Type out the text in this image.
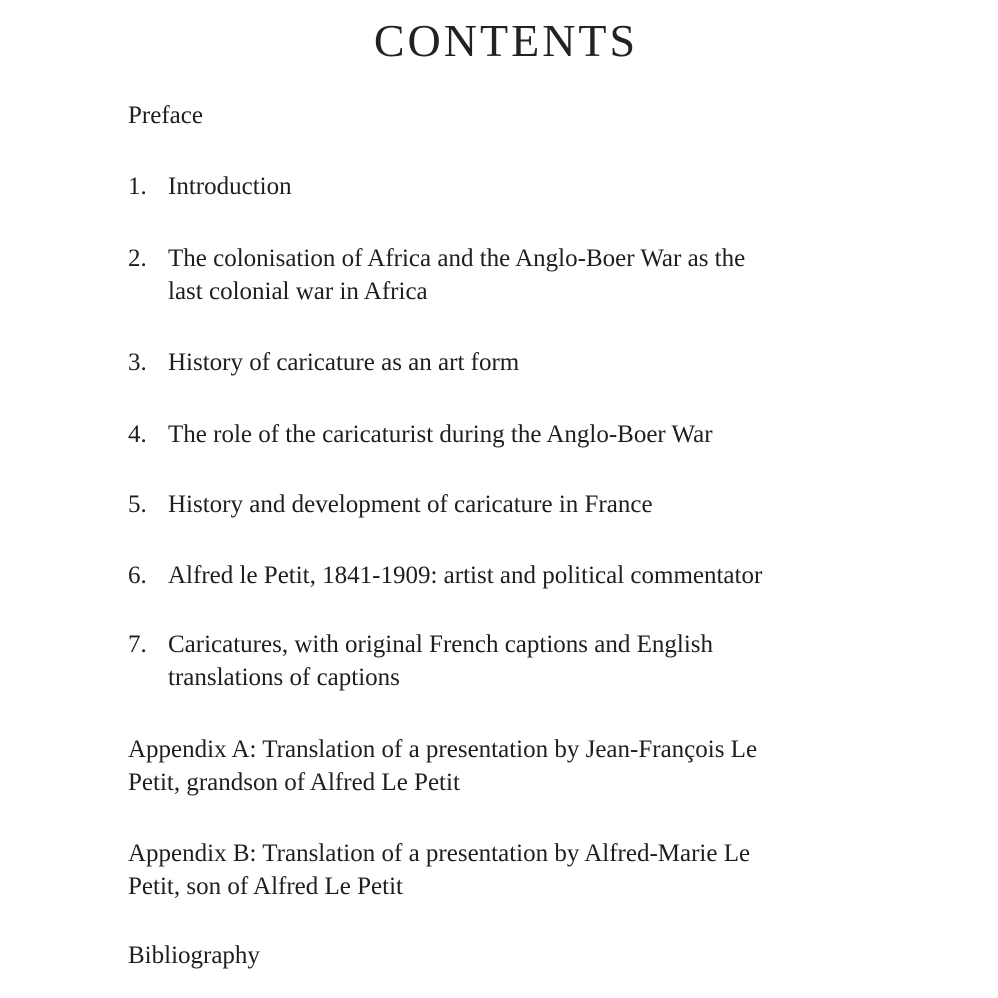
CONTENTS
Preface
1. Introduction
2. The colonisation of Africa and the Anglo-Boer War as the
last colonial war in Africa
3. History of caricature as an art form
4. The role of the caricaturist during the Anglo-Boer War
5. History and development of caricature in France
6. Alfred le Petit, 1841-1909: artist and political commentator
7. Caricatures, with original French captions and English
translations of captions
Appendix A: Translation of a presentation by Jean-François Le
Petit, grandson of Alfred Le Petit
Appendix B: Translation of a presentation by Alfred-Marie Le
Petit, son of Alfred Le Petit
Bibliography
